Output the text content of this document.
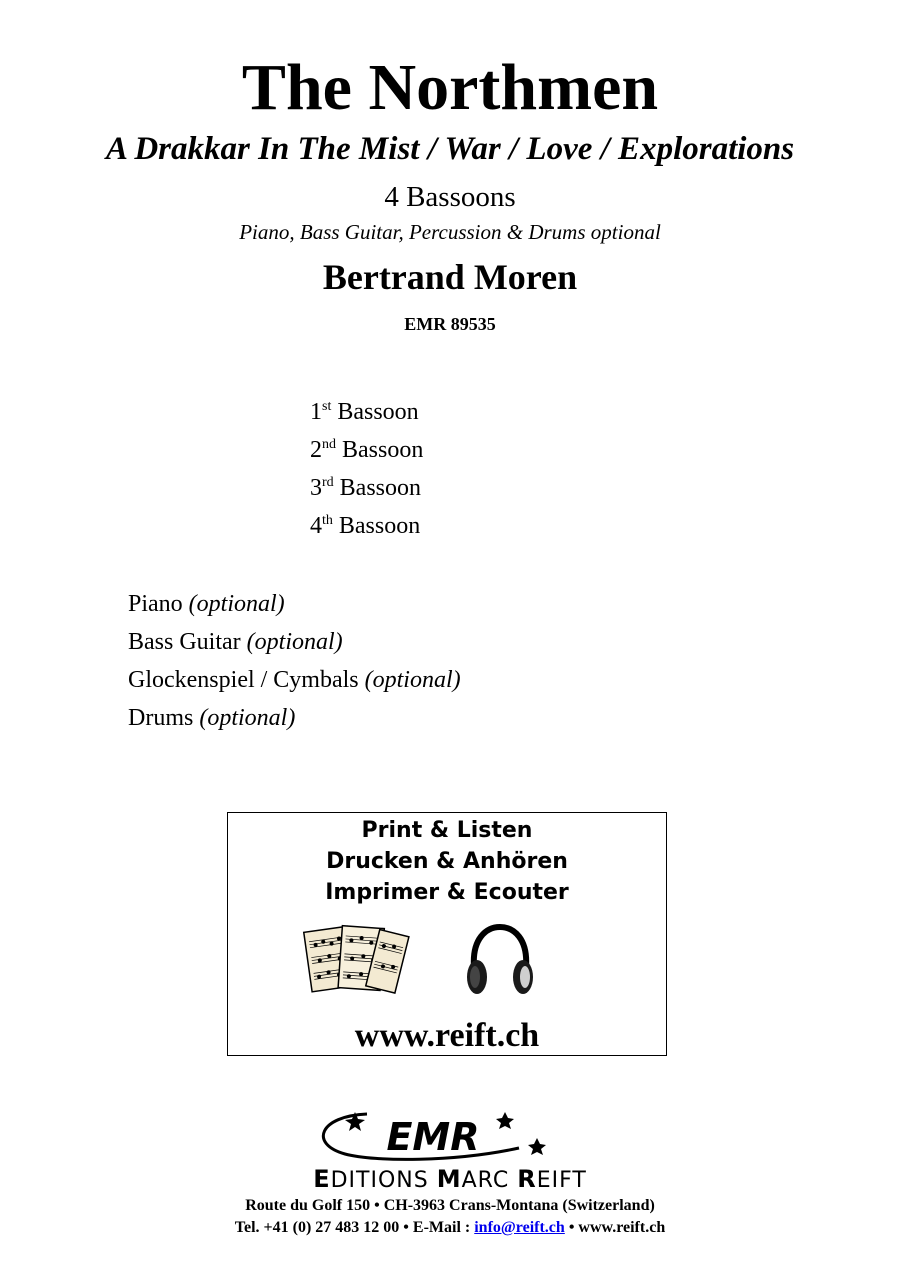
The Northmen
A Drakkar In The Mist / War / Love / Explorations
4 Bassoons
Piano, Bass Guitar, Percussion & Drums optional
Bertrand Moren
EMR 89535
1st Bassoon
2nd Bassoon
3rd Bassoon
4th Bassoon
Piano (optional)
Bass Guitar (optional)
Glockenspiel / Cymbals (optional)
Drums (optional)
Print & Listen
Drucken & Anhören
Imprimer & Ecouter
www.reift.ch
EMR
EDITIONS MARC REIFT
Route du Golf 150 • CH-3963 Crans-Montana (Switzerland)
Tel. +41 (0) 27 483 12 00 • E-Mail : info@reift.ch • www.reift.ch
